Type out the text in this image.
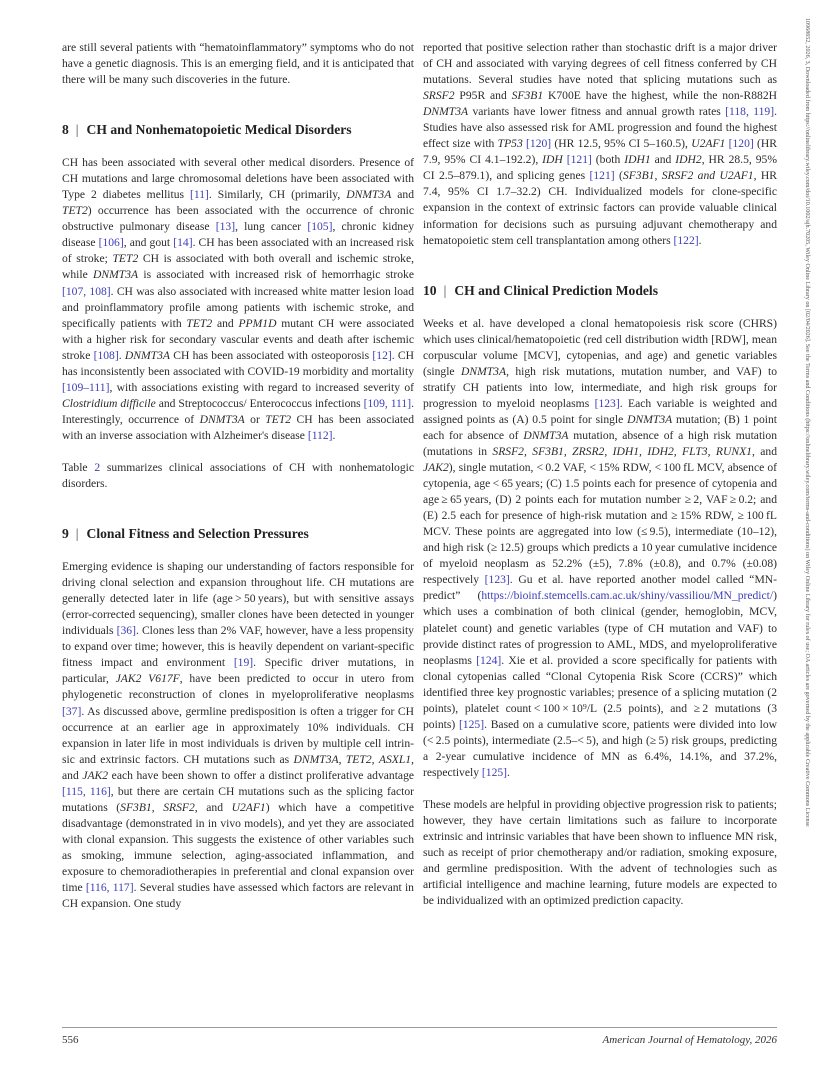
are still several patients with “hematoinflammatory” symptoms who do not have a genetic diagnosis. This is an emerging field, and it is anticipated that there will be many such discoveries in the future.

8 | CH and Nonhematopoietic Medical Disorders

CH has been associated with several other medical disorders. Presence of CH mutations and large chromosomal deletions have been associated with Type 2 diabetes mellitus [11]. Similarly, CH (primarily, DNMT3A and TET2) occurrence has been associated with the occurrence of chronic obstructive pulmonary disease [13], lung cancer [105], chronic kidney disease [106], and gout [14]. CH has been associated with an increased risk of stroke; TET2 CH is associated with both overall and ischemic stroke, while DNMT3A is associated with increased risk of hemorrhagic stroke [107, 108]. CH was also associated with increased white matter lesion load and proinflammatory profile among patients with ischemic stroke, and specifically patients with TET2 and PPM1D mutant CH were associated with a higher risk for secondary vascular events and death after ischemic stroke [108]. DNMT3A CH has been associated with osteoporosis [12]. CH has inconsistently been associated with COVID-19 morbidity and mortality [109–111], with associations existing with regard to increased severity of Clostridium difficile and Streptococcus/ Enterococcus infections [109, 111]. Interestingly, occurrence of DNMT3A or TET2 CH has been associated with an inverse association with Alzheimer's disease [112].

Table 2 summarizes clinical associations of CH with nonhematologic disorders.

9 | Clonal Fitness and Selection Pressures

Emerging evidence is shaping our understanding of factors responsible for driving clonal selection and expansion throughout life. CH mutations are generally detected later in life (age > 50 years), but with sensitive assays (error-corrected sequencing), smaller clones have been detected in younger individuals [36]. Clones less than 2% VAF, however, have a less propensity to expand over time; however, this is heavily dependent on variant-specific fitness impact and environment [19]. Specific driver mutations, in particular, JAK2 V617F, have been predicted to occur in utero from phylogenetic reconstruction of clones in myeloproliferative neoplasms [37]. As discussed above, germline predisposition is often a trigger for CH occurrence at an earlier age in approximately 10% individuals. CH expansion in later life in most individuals is driven by multiple cell intrinsic and extrinsic factors. CH mutations such as DNMT3A, TET2, ASXL1, and JAK2 each have been shown to offer a distinct proliferative advantage [115, 116], but there are certain CH mutations such as the splicing factor mutations (SF3B1, SRSF2, and U2AF1) which have a competitive disadvantage (demonstrated in in vivo models), and yet they are associated with clonal expansion. This suggests the existence of other variables such as smoking, immune selection, aging-associated inflammation, and exposure to chemoradiotherapies in preferential and clonal expansion over time [116, 117]. Several studies have assessed which factors are relevant in CH expansion. One study

reported that positive selection rather than stochastic drift is a major driver of CH and associated with varying degrees of cell fitness conferred by CH mutations. Several studies have noted that splicing mutations such as SRSF2 P95R and SF3B1 K700E have the highest, while the non-R882H DNMT3A variants have lower fitness and annual growth rates [118, 119]. Studies have also assessed risk for AML progression and found the highest effect size with TP53 [120] (HR 12.5, 95% CI 5–160.5), U2AF1 [120] (HR 7.9, 95% CI 4.1–192.2), IDH [121] (both IDH1 and IDH2, HR 28.5, 95% CI 2.5–879.1), and splicing genes [121] (SF3B1, SRSF2 and U2AF1, HR 7.4, 95% CI 1.7–32.2) CH. Individualized models for clone-specific expansion in the context of extrinsic factors can provide valuable clinical information for decisions such as pursuing adjuvant chemotherapy and hematopoietic stem cell transplantation among others [122].

10 | CH and Clinical Prediction Models

Weeks et al. have developed a clonal hematopoiesis risk score (CHRS) which uses clinical/hematopoietic (red cell distribution width [RDW], mean corpuscular volume [MCV], cytopenias, and age) and genetic variables (single DNMT3A, high risk mutations, mutation number, and VAF) to stratify CH patients into low, intermediate, and high risk groups for progression to myeloid neoplasms [123]. Each variable is weighted and assigned points as (A) 0.5 point for single DNMT3A mutation; (B) 1 point each for absence of DNMT3A mutation, absence of a high risk mutation (mutations in SRSF2, SF3B1, ZRSR2, IDH1, IDH2, FLT3, RUNX1, and JAK2), single mutation, < 0.2 VAF, < 15% RDW, < 100 fL MCV, absence of cytopenia, age < 65 years; (C) 1.5 points each for presence of cytopenia and age ≥ 65 years, (D) 2 points each for mutation number ≥ 2, VAF ≥ 0.2; and (E) 2.5 each for presence of high-risk mutation and ≥ 15% RDW, ≥ 100 fL MCV. These points are aggregated into low (≤ 9.5), intermediate (10–12), and high risk (≥ 12.5) groups which predicts a 10 year cumulative incidence of myeloid neoplasm as 52.2% (±5), 7.8% (±0.8), and 0.7% (±0.08) respectively [123]. Gu et al. have reported another model called “MN-predict” (https://bioinf.stemcells.cam.ac.uk/shiny/vassiliou/MN_predict/) which uses a combination of both clinical (gender, hemoglobin, MCV, platelet count) and genetic variables (type of CH mutation and VAF) to provide distinct rates of progression to AML, MDS, and myeloproliferative neoplasms [124]. Xie et al. provided a score specifically for patients with clonal cytopenias called “Clonal Cytopenia Risk Score (CCRS)” which identified three key prognostic variables; presence of a splicing mutation (2 points), platelet count < 100 × 10⁹/L (2.5 points), and ≥ 2 mutations (3 points) [125]. Based on a cumulative score, patients were divided into low (< 2.5 points), intermediate (2.5–< 5), and high (≥ 5) risk groups, predicting a 2-year cumulative incidence of MN as 6.4%, 14.1%, and 37.2%, respectively [125].

These models are helpful in providing objective progression risk to patients; however, they have certain limitations such as failure to incorporate extrinsic and intrinsic variables that have been shown to influence MN risk, such as receipt of prior chemotherapy and/or radiation, smoking exposure, and germline predisposition. With the advent of technologies such as artificial intelligence and machine learning, future models are expected to be individualized with an optimized prediction capacity.

556	American Journal of Hematology, 2026
10968652, 2026, 3, Downloaded from https://onlinelibrary.wiley.com/doi/10.1002/ajh.70205, Wiley Online Library on [02/04/2026]. See the Terms and Conditions (https://onlinelibrary.wiley.com/terms-and-conditions) on Wiley Online Library for rules of use; OA articles are governed by the applicable Creative Commons License
